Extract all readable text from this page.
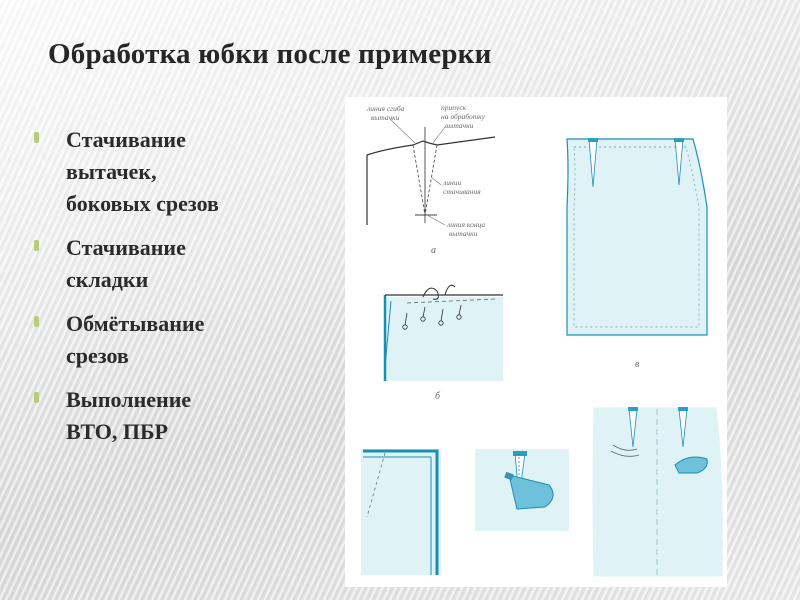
Обработка юбки после примерки
Стачивание
вытачек,
боковых срезов
Стачивание
складки
Обмётывание
срезов
Выполнение
ВТО, ПБР
линия сгиба вытачки
припуск на обработку вытачки
линии стачивания
линия конца вытачки
а
в
б
